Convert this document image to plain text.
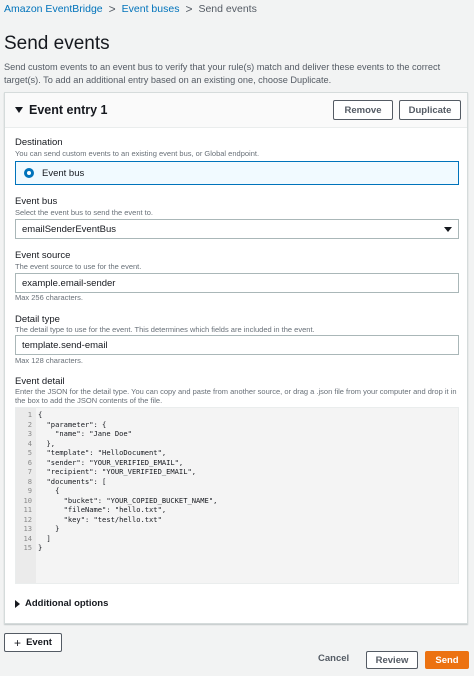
Amazon EventBridge > Event buses > Send events
Send events

Send custom events to an event bus to verify that your rule(s) match and deliver these events to the correct target(s). To add an additional entry based on an existing one, choose Duplicate.

Event entry 1	Remove	Duplicate
Destination
You can send custom events to an existing event bus, or Global endpoint.
Event bus
Event bus
Select the event bus to send the event to.
emailSenderEventBus
Event source
The event source to use for the event.
example.email-sender
Max 256 characters.
Detail type
The detail type to use for the event. This determines which fields are included in the event.
template.send-email
Max 128 characters.
Event detail
Enter the JSON for the detail type. You can copy and paste from another source, or drag a .json file from your computer and drop it in the box to add the JSON contents of the file.
1 {
2 "parameter": {
3 "name": "Jane Doe"
4 },
5 "template": "HelloDocument",
6 "sender": "YOUR_VERIFIED_EMAIL",
7 "recipient": "YOUR_VERIFIED_EMAIL",
8 "documents": [
9 {
10 "bucket": "YOUR_COPIED_BUCKET_NAME",
11 "fileName": "hello.txt",
12 "key": "test/hello.txt"
13 }
14 ]
15 }
Additional options
+ Event
Cancel	Review	Send
